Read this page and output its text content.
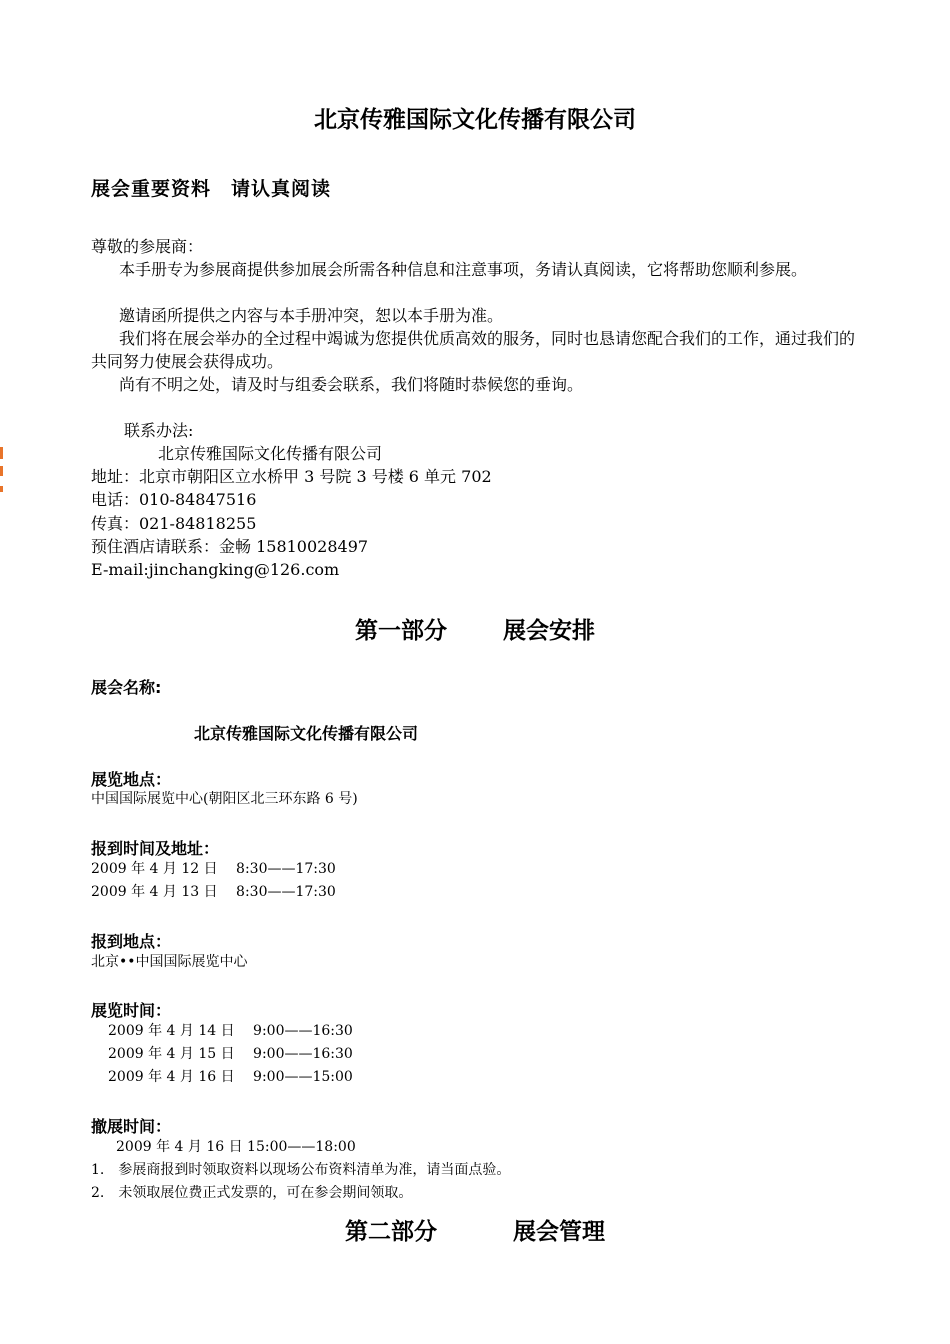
北京传雅国际文化传播有限公司
展会重要资料　请认真阅读
尊敬的参展商：
本手册专为参展商提供参加展会所需各种信息和注意事项，务请认真阅读，它将帮助您顺利参展。
邀请函所提供之内容与本手册冲突，恕以本手册为准。
我们将在展会举办的全过程中竭诚为您提供优质高效的服务，同时也恳请您配合我们的工作，通过我们的共同努力使展会获得成功。
尚有不明之处，请及时与组委会联系，我们将随时恭候您的垂询。
联系办法:
北京传雅国际文化传播有限公司
地址：北京市朝阳区立水桥甲 3 号院 3 号楼 6 单元 702
电话：010-84847516
传真：021-84818255
预住酒店请联系：金畅 15810028497
E-mail:jinchangking@126.com
第一部分 展会安排
展会名称:
北京传雅国际文化传播有限公司
展览地点：
中国国际展览中心(朝阳区北三环东路 6 号)
报到时间及地址：
2009 年 4 月 12 日　 8:30——17:30
2009 年 4 月 13 日　 8:30——17:30
报到地点：
北京••中国国际展览中心
展览时间：
2009 年 4 月 14 日　 9:00——16:30
2009 年 4 月 15 日　 9:00——16:30
2009 年 4 月 16 日　 9:00——15:00
撤展时间：
2009 年 4 月 16 日 15:00——18:00
1.　参展商报到时领取资料以现场公布资料清单为准，请当面点验。
2.　未领取展位费正式发票的，可在参会期间领取。
第二部分	展会管理
